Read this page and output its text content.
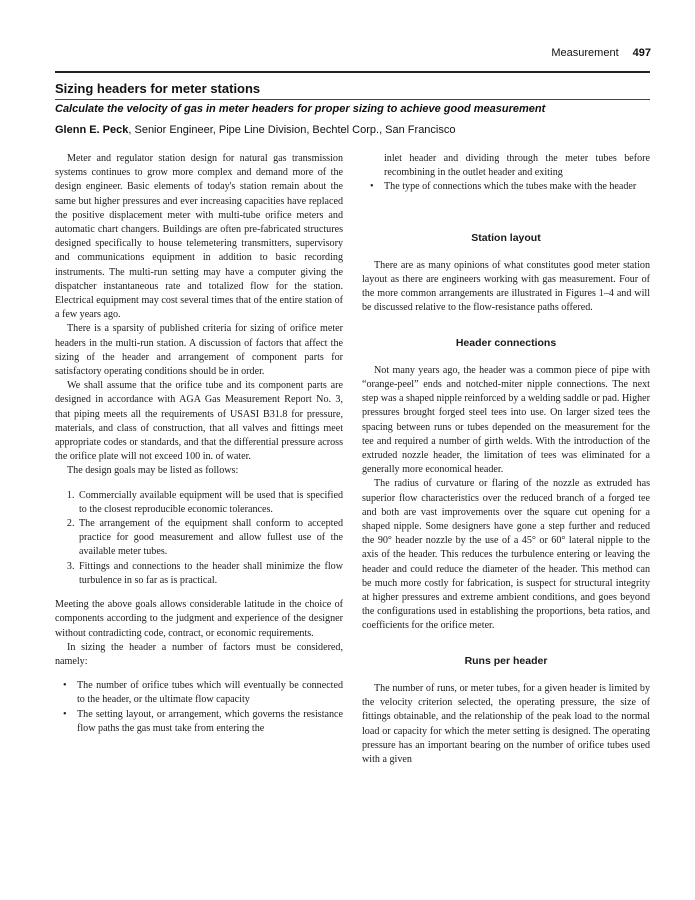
Measurement 497
Sizing headers for meter stations
Calculate the velocity of gas in meter headers for proper sizing to achieve good measurement
Glenn E. Peck, Senior Engineer, Pipe Line Division, Bechtel Corp., San Francisco

Meter and regulator station design for natural gas transmission systems continues to grow more complex and demand more of the design engineer. Basic elements of today's station remain about the same but higher pressures and ever increasing capacities have replaced the positive displacement meter with multi-tube orifice meters and automatic chart changers. Buildings are often pre-fabricated structures designed specifically to house telemetering transmitters, supervisory and communications equipment in addition to basic recording instruments. The multi-run setting may have a computer giving the dispatcher instantaneous rate and totalized flow for the station. Electrical equipment may cost several times that of the entire station of a few years ago.

There is a sparsity of published criteria for sizing of orifice meter headers in the multi-run station. A discussion of factors that affect the sizing of the header and arrangement of component parts for satisfactory operating conditions should be in order.

We shall assume that the orifice tube and its component parts are designed in accordance with AGA Gas Measurement Report No. 3, that piping meets all the requirements of USASI B31.8 for pressure, materials, and class of construction, that all valves and fittings meet appropriate codes or standards, and that the differential pressure across the orifice plate will not exceed 100 in. of water.

The design goals may be listed as follows:

1. Commercially available equipment will be used that is specified to the closest reproducible economic tolerances.
2. The arrangement of the equipment shall conform to accepted practice for good measurement and allow fullest use of the available meter tubes.
3. Fittings and connections to the header shall minimize the flow turbulence in so far as is practical.

Meeting the above goals allows considerable latitude in the choice of components according to the judgment and experience of the designer without contradicting code, contract, or economic requirements.

In sizing the header a number of factors must be considered, namely:

• The number of orifice tubes which will eventually be connected to the header, or the ultimate flow capacity
• The setting layout, or arrangement, which governs the resistance flow paths the gas must take from entering the
inlet header and dividing through the meter tubes before recombining in the outlet header and exiting
• The type of connections which the tubes make with the header
Station layout

There are as many opinions of what constitutes good meter station layout as there are engineers working with gas measurement. Four of the more common arrangements are illustrated in Figures 1–4 and will be discussed relative to the flow-resistance paths offered.

Header connections

Not many years ago, the header was a common piece of pipe with “orange-peel” ends and notched-miter nipple connections. The next step was a shaped nipple reinforced by a welding saddle or pad. Higher pressures brought forged steel tees into use. On larger sized tees the spacing between runs or tubes depended on the measurement for the tee and required a number of girth welds. With the introduction of the extruded nozzle header, the limitation of tees was eliminated for a generally more economical header.

The radius of curvature or flaring of the nozzle as extruded has superior flow characteristics over the reduced branch of a forged tee and both are vast improvements over the square cut opening for a shaped nipple. Some designers have gone a step further and reduced the 90° header nozzle by the use of a 45° or 60° lateral nipple to the axis of the header. This reduces the turbulence entering or leaving the header and could reduce the diameter of the header. This method can be much more costly for fabrication, is suspect for structural integrity at higher pressures and extreme ambient conditions, and goes beyond the configurations used in establishing the proportions, beta ratios, and coefficients for the orifice meter.

Runs per header

The number of runs, or meter tubes, for a given header is limited by the velocity criterion selected, the operating pressure, the size of fittings obtainable, and the relationship of the peak load to the normal load or capacity for which the meter setting is designed. The operating pressure has an important bearing on the number of orifice tubes used with a given
